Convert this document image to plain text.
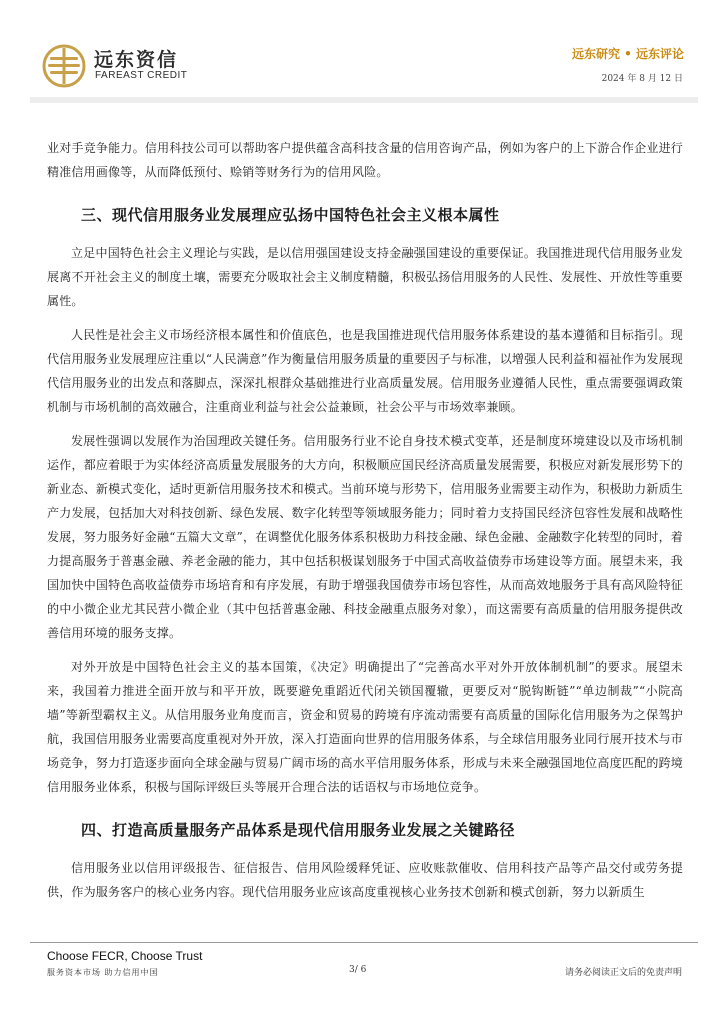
远东资信
FAREAST CREDIT
远东研究 • 远东评论
2024 年 8 月 12 日

业对手竞争能力。信用科技公司可以帮助客户提供蕴含高科技含量的信用咨询产品，例如为客户的上下游合作企业进行精准信用画像等，从而降低预付、赊销等财务行为的信用风险。

三、现代信用服务业发展理应弘扬中国特色社会主义根本属性

立足中国特色社会主义理论与实践，是以信用强国建设支持金融强国建设的重要保证。我国推进现代信用服务业发展离不开社会主义的制度土壤，需要充分吸取社会主义制度精髓，积极弘扬信用服务的人民性、发展性、开放性等重要属性。

人民性是社会主义市场经济根本属性和价值底色，也是我国推进现代信用服务体系建设的基本遵循和目标指引。现代信用服务业发展理应注重以“人民满意”作为衡量信用服务质量的重要因子与标准，以增强人民利益和福祉作为发展现代信用服务业的出发点和落脚点，深深扎根群众基础推进行业高质量发展。信用服务业遵循人民性，重点需要强调政策机制与市场机制的高效融合，注重商业利益与社会公益兼顾，社会公平与市场效率兼顾。

发展性强调以发展作为治国理政关键任务。信用服务行业不论自身技术模式变革，还是制度环境建设以及市场机制运作，都应着眼于为实体经济高质量发展服务的大方向，积极顺应国民经济高质量发展需要，积极应对新发展形势下的新业态、新模式变化，适时更新信用服务技术和模式。当前环境与形势下，信用服务业需要主动作为，积极助力新质生产力发展，包括加大对科技创新、绿色发展、数字化转型等领域服务能力；同时着力支持国民经济包容性发展和战略性发展，努力服务好金融“五篇大文章”，在调整优化服务体系积极助力科技金融、绿色金融、金融数字化转型的同时，着力提高服务于普惠金融、养老金融的能力，其中包括积极谋划服务于中国式高收益债券市场建设等方面。展望未来，我国加快中国特色高收益债券市场培育和有序发展，有助于增强我国债券市场包容性，从而高效地服务于具有高风险特征的中小微企业尤其民营小微企业（其中包括普惠金融、科技金融重点服务对象），而这需要有高质量的信用服务提供改善信用环境的服务支撑。

对外开放是中国特色社会主义的基本国策，《决定》明确提出了“完善高水平对外开放体制机制”的要求。展望未来，我国着力推进全面开放与和平开放，既要避免重蹈近代闭关锁国覆辙，更要反对“脱钩断链”“单边制裁”“小院高墙”等新型霸权主义。从信用服务业角度而言，资金和贸易的跨境有序流动需要有高质量的国际化信用服务为之保驾护航，我国信用服务业需要高度重视对外开放，深入打造面向世界的信用服务体系，与全球信用服务业同行展开技术与市场竞争，努力打造逐步面向全球金融与贸易广阔市场的高水平信用服务体系，形成与未来全融强国地位高度匹配的跨境信用服务业体系，积极与国际评级巨头等展开合理合法的话语权与市场地位竞争。

四、打造高质量服务产品体系是现代信用服务业发展之关键路径

信用服务业以信用评级报告、征信报告、信用风险缓释凭证、应收账款催收、信用科技产品等产品交付或劳务提供，作为服务客户的核心业务内容。现代信用服务业应该高度重视核心业务技术创新和模式创新，努力以新质生

Choose FECR, Choose Trust
服务资本市场 助力信用中国	3/ 6	请务必阅读正文后的免责声明
